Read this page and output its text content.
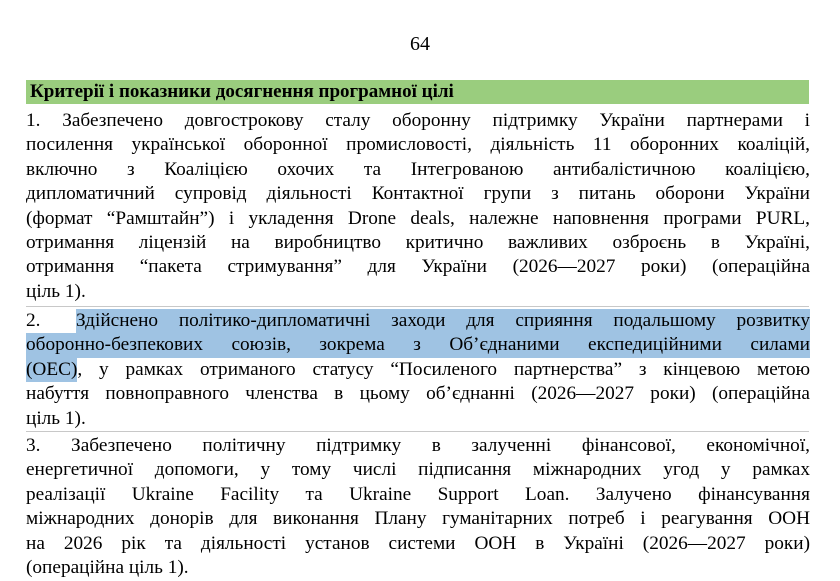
64
Критерії і показники досягнення програмної цілі
1. Забезпечено довгострокову сталу оборонну підтримку України партнерами і
посилення української оборонної промисловості, діяльність 11 оборонних коаліцій,
включно з Коаліцією охочих та Інтегрованою антибалістичною коаліцією,
дипломатичний супровід діяльності Контактної групи з питань оборони України
(формат “Рамштайн”) і укладення Drone deals, належне наповнення програми PURL,
отримання ліцензій на виробництво критично важливих озброєнь в Україні,
отримання “пакета стримування” для України (2026—2027 роки) (операційна
ціль 1).
2.	Здійснено політико-дипломатичні заходи для сприяння подальшому розвитку
оборонно-безпекових союзів, зокрема з Об’єднаними експедиційними силами
(ОЕС) , у рамках отриманого статусу “Посиленого партнерства” з кінцевою метою
набуття повноправного членства в цьому об’єднанні (2026—2027 роки) (операційна
ціль 1).
3. Забезпечено політичну підтримку в залученні фінансової, економічної,
енергетичної допомоги, у тому числі підписання міжнародних угод у рамках
реалізації Ukraine Facility та Ukraine Support Loan. Залучено фінансування
міжнародних донорів для виконання Плану гуманітарних потреб і реагування ООН
на 2026 рік та діяльності установ системи ООН в Україні (2026—2027 роки)
(операційна ціль 1).
